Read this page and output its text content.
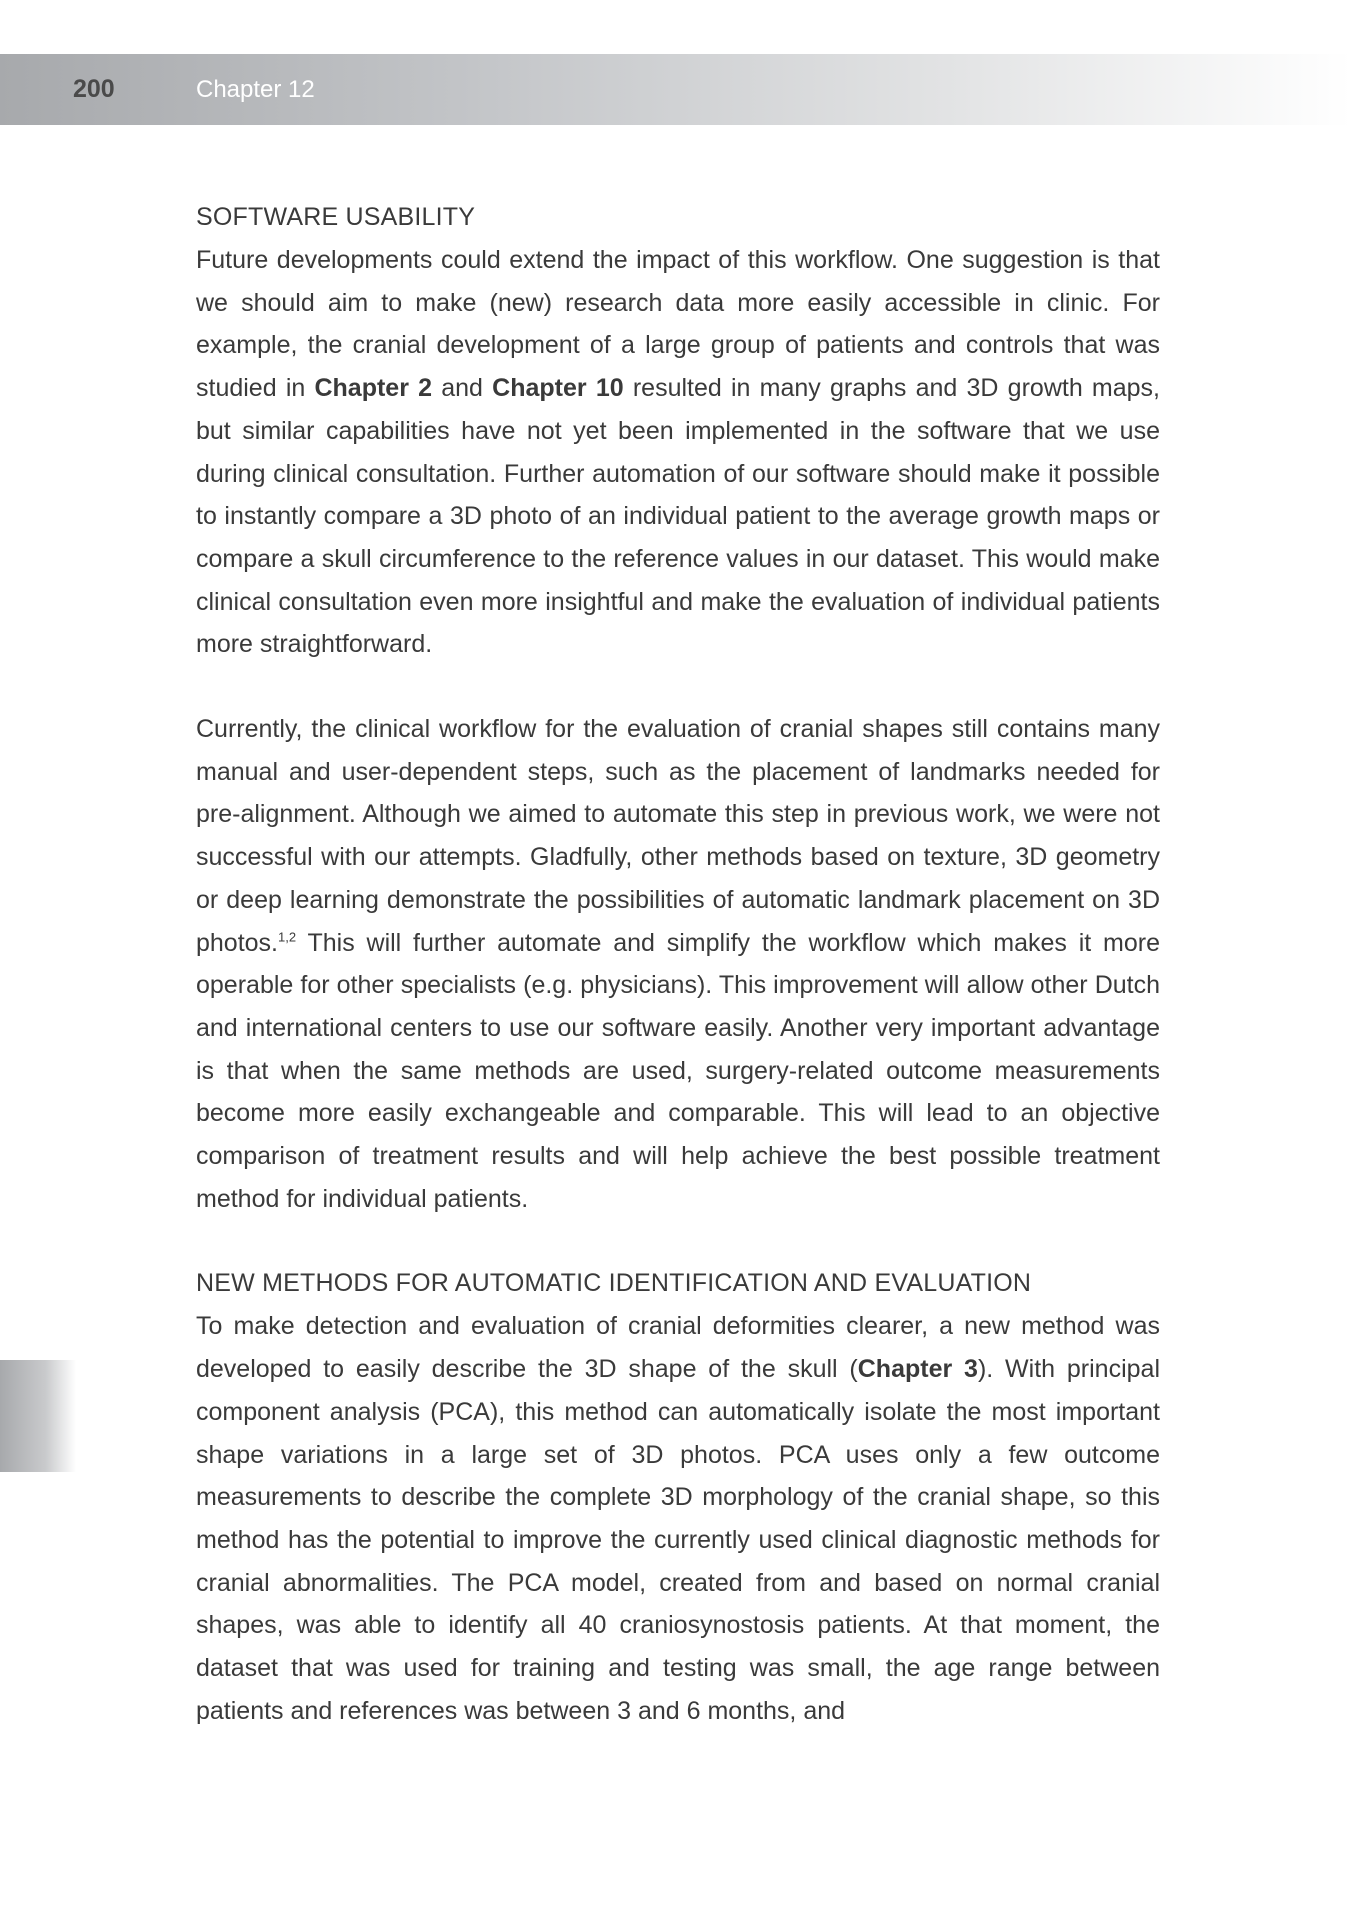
200	Chapter 12
SOFTWARE USABILITY

Future developments could extend the impact of this workflow. One suggestion is that we should aim to make (new) research data more easily accessible in clinic. For example, the cranial development of a large group of patients and controls that was studied in Chapter 2 and Chapter 10 resulted in many graphs and 3D growth maps, but similar capabilities have not yet been implemented in the software that we use during clinical consultation. Further automation of our software should make it possible to instantly compare a 3D photo of an individual patient to the average growth maps or compare a skull circumference to the reference values in our dataset. This would make clinical consultation even more insightful and make the evaluation of individual patients more straightforward.

Currently, the clinical workflow for the evaluation of cranial shapes still contains many manual and user-dependent steps, such as the placement of landmarks needed for pre-alignment. Although we aimed to automate this step in previous work, we were not successful with our attempts. Gladfully, other methods based on texture, 3D geometry or deep learning demonstrate the possibilities of automatic landmark placement on 3D photos.$^{1,2}$ This will further automate and simplify the workflow which makes it more operable for other specialists (e.g. physicians). This improvement will allow other Dutch and international centers to use our software easily. Another very important advantage is that when the same methods are used, surgery-related outcome measurements become more easily exchangeable and comparable. This will lead to an objective comparison of treatment results and will help achieve the best possible treatment method for individual patients.

NEW METHODS FOR AUTOMATIC IDENTIFICATION AND EVALUATION

To make detection and evaluation of cranial deformities clearer, a new method was developed to easily describe the 3D shape of the skull (Chapter 3). With principal component analysis (PCA), this method can automatically isolate the most important shape variations in a large set of 3D photos. PCA uses only a few outcome measurements to describe the complete 3D morphology of the cranial shape, so this method has the potential to improve the currently used clinical diagnostic methods for cranial abnormalities. The PCA model, created from and based on normal cranial shapes, was able to identify all 40 craniosynostosis patients. At that moment, the dataset that was used for training and testing was small, the age range between patients and references was between 3 and 6 months, and
